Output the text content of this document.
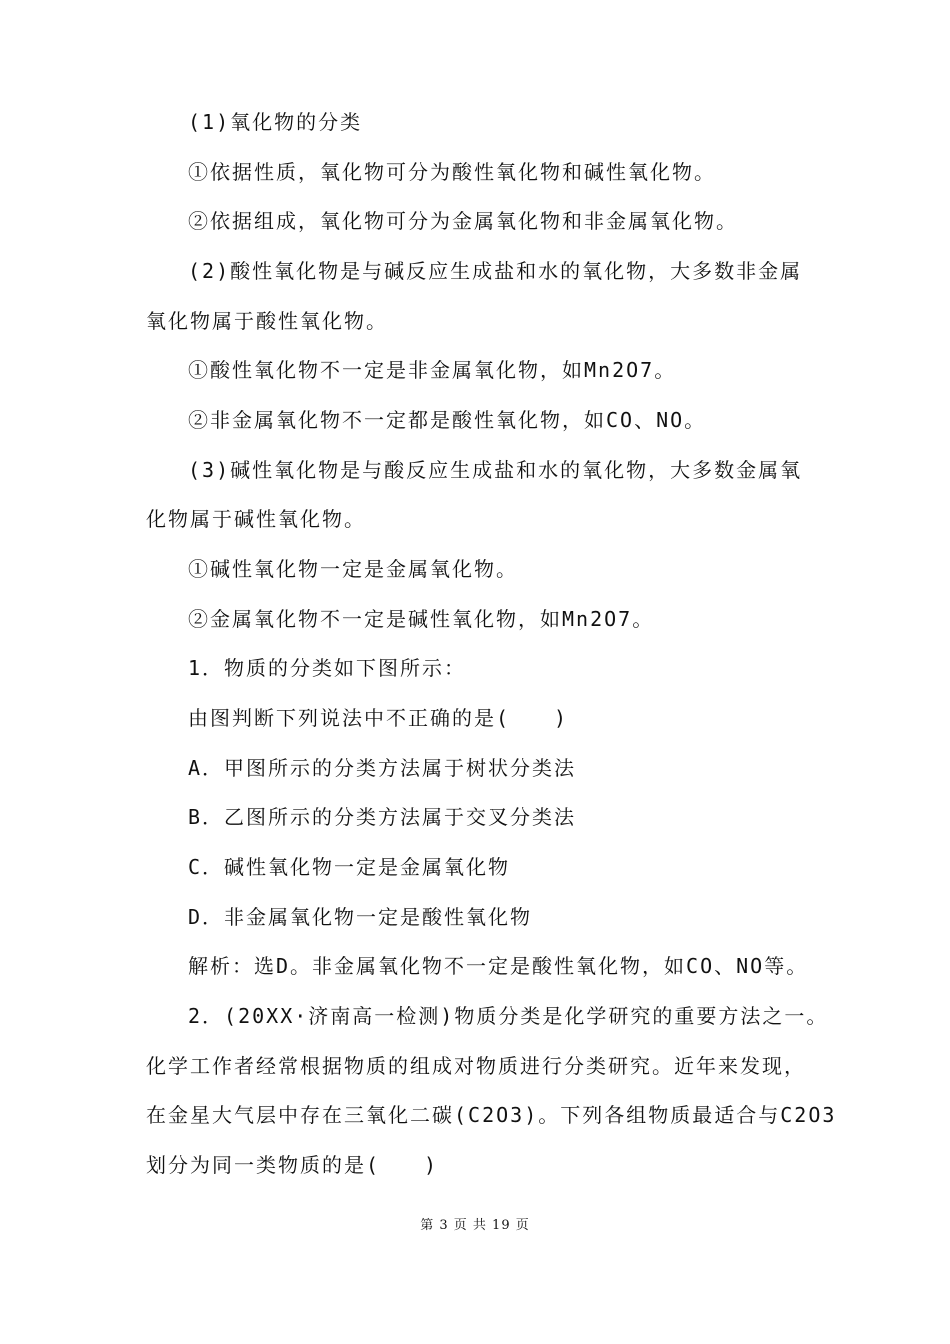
(1)氧化物的分类
①依据性质，氧化物可分为酸性氧化物和碱性氧化物。
②依据组成，氧化物可分为金属氧化物和非金属氧化物。
(2)酸性氧化物是与碱反应生成盐和水的氧化物，大多数非金属
氧化物属于酸性氧化物。
①酸性氧化物不一定是非金属氧化物，如Mn2O7。
②非金属氧化物不一定都是酸性氧化物，如CO、NO。
(3)碱性氧化物是与酸反应生成盐和水的氧化物，大多数金属氧
化物属于碱性氧化物。
①碱性氧化物一定是金属氧化物。
②金属氧化物不一定是碱性氧化物，如Mn2O7。
1．物质的分类如下图所示：
由图判断下列说法中不正确的是(　　)
A．甲图所示的分类方法属于树状分类法
B．乙图所示的分类方法属于交叉分类法
C．碱性氧化物一定是金属氧化物
D．非金属氧化物一定是酸性氧化物
解析：选D。非金属氧化物不一定是酸性氧化物，如CO、NO等。
2．(20XX·济南高一检测)物质分类是化学研究的重要方法之一。
化学工作者经常根据物质的组成对物质进行分类研究。近年来发现，
在金星大气层中存在三氧化二碳(C2O3)。下列各组物质最适合与C2O3
划分为同一类物质的是(　　)
第 3 页 共 19 页
